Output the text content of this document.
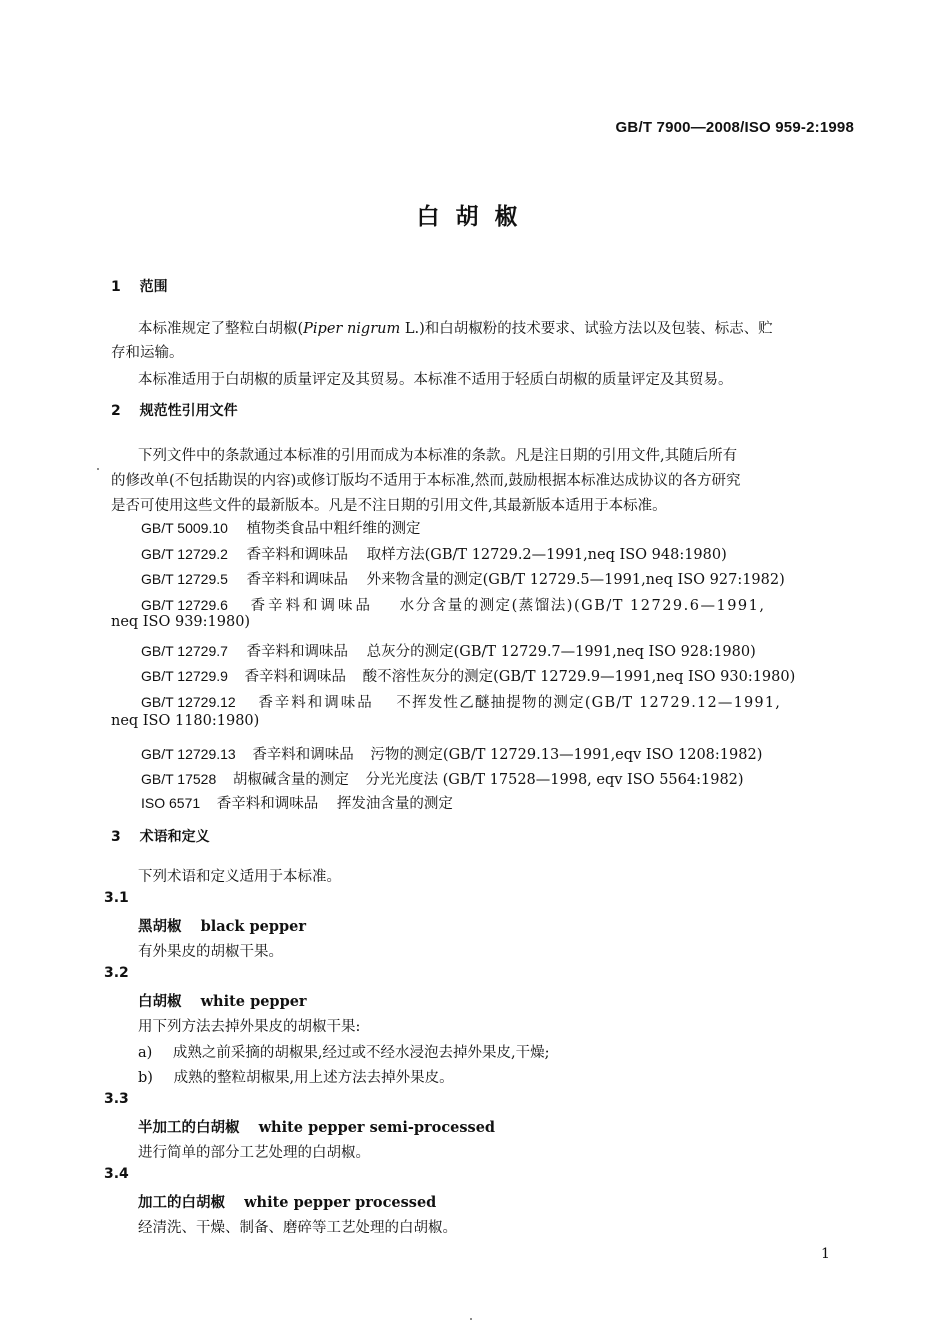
GB/T 7900—2008/ISO 959-2:1998
白胡椒
1 范围
本标准规定了整粒白胡椒(Piper nigrum L.)和白胡椒粉的技术要求、试验方法以及包装、标志、贮
存和运输。
本标准适用于白胡椒的质量评定及其贸易。本标准不适用于轻质白胡椒的质量评定及其贸易。
2 规范性引用文件
下列文件中的条款通过本标准的引用而成为本标准的条款。凡是注日期的引用文件,其随后所有
的修改单(不包括勘误的内容)或修订版均不适用于本标准,然而,鼓励根据本标准达成协议的各方研究
是否可使用这些文件的最新版本。凡是不注日期的引用文件,其最新版本适用于本标准。
GB/T 5009.10 植物类食品中粗纤维的测定
GB/T 12729.2 香辛料和调味品 取样方法(GB/T 12729.2—1991,neq ISO 948:1980)
GB/T 12729.5 香辛料和调味品 外来物含量的测定(GB/T 12729.5—1991,neq ISO 927:1982)
GB/T 12729.6 香辛料和调味品 水分含量的测定(蒸馏法)(GB/T 12729.6—1991,
neq ISO 939:1980)
GB/T 12729.7 香辛料和调味品 总灰分的测定(GB/T 12729.7—1991,neq ISO 928:1980)
GB/T 12729.9 香辛料和调味品 酸不溶性灰分的测定(GB/T 12729.9—1991,neq ISO 930:1980)
GB/T 12729.12 香辛料和调味品 不挥发性乙醚抽提物的测定(GB/T 12729.12—1991,
neq ISO 1180:1980)
GB/T 12729.13 香辛料和调味品 污物的测定(GB/T 12729.13—1991,eqv ISO 1208:1982)
GB/T 17528 胡椒碱含量的测定 分光光度法 (GB/T 17528—1998, eqv ISO 5564:1982)
ISO 6571 香辛料和调味品 挥发油含量的测定
3 术语和定义
下列术语和定义适用于本标准。
3.1
黑胡椒 black pepper
有外果皮的胡椒干果。
3.2
白胡椒 white pepper
用下列方法去掉外果皮的胡椒干果:
a) 成熟之前采摘的胡椒果,经过或不经水浸泡去掉外果皮,干燥;
b) 成熟的整粒胡椒果,用上述方法去掉外果皮。
3.3
半加工的白胡椒 white pepper semi-processed
进行简单的部分工艺处理的白胡椒。
3.4
加工的白胡椒 white pepper processed
经清洗、干燥、制备、磨碎等工艺处理的白胡椒。
1
